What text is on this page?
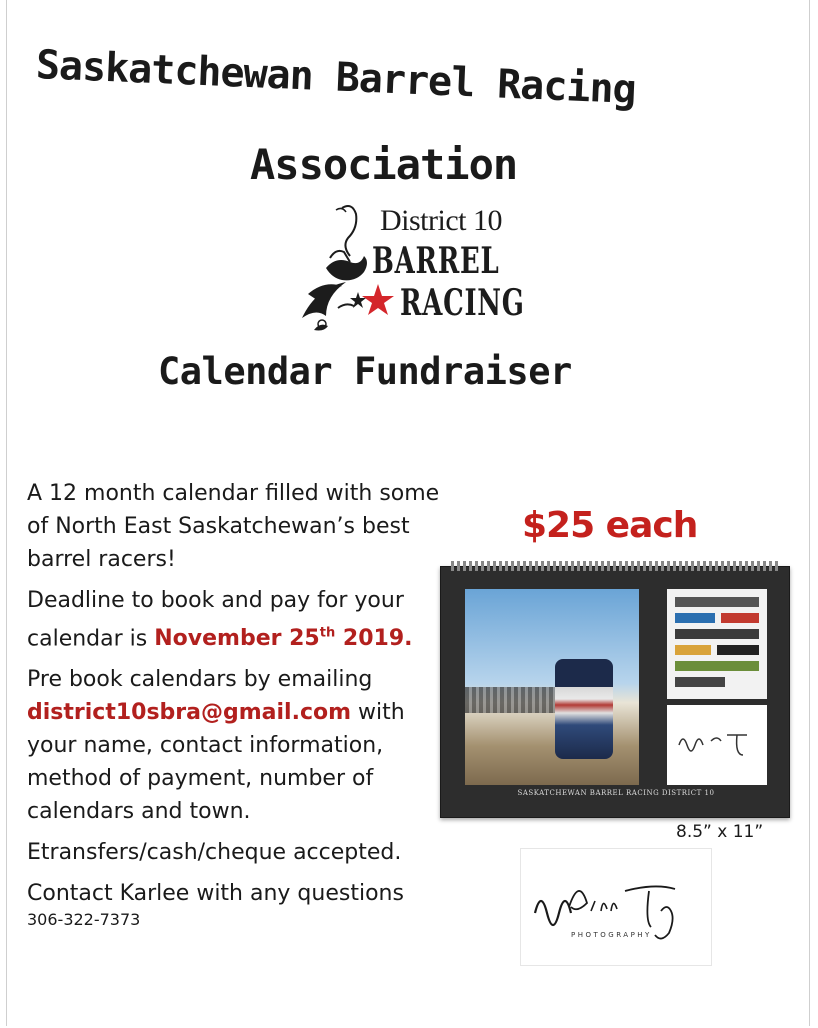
Saskatchewan Barrel Racing
Association
District 10
BARREL
RACING
Calendar Fundraiser

A 12 month calendar filled with some of North East Saskatchewan’s best barrel racers!

Deadline to book and pay for your calendar is November 25th 2019.

Pre book calendars by emailing district10sbra@gmail.com with your name, contact information, method of payment, number of calendars and town.

Etransfers/cash/cheque accepted.

Contact Karlee with any questions

306-322-7373
$25 each
SASKATCHEWAN BARREL RACING DISTRICT 10
8.5” x 11”
PHOTOGRAPHY
